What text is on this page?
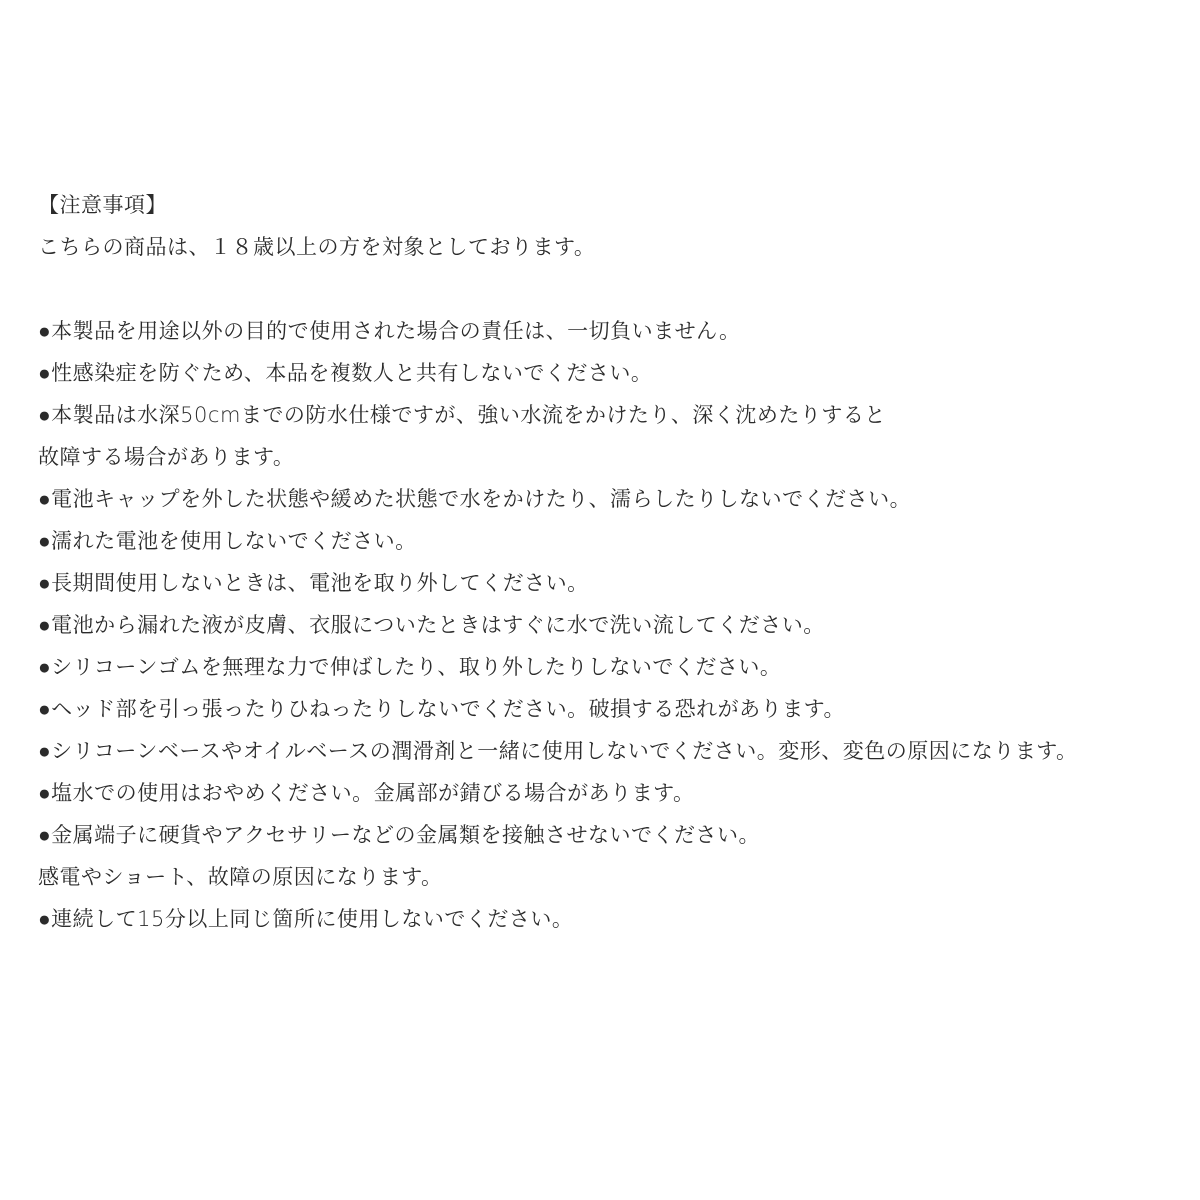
【注意事項】
こちらの商品は、１８歳以上の方を対象としております。
●本製品を用途以外の目的で使用された場合の責任は、一切負いません。
●性感染症を防ぐため、本品を複数人と共有しないでください。
●本製品は水深50cmまでの防水仕様ですが、強い水流をかけたり、深く沈めたりすると
故障する場合があります。
●電池キャップを外した状態や緩めた状態で水をかけたり、濡らしたりしないでください。
●濡れた電池を使用しないでください。
●長期間使用しないときは、電池を取り外してください。
●電池から漏れた液が皮膚、衣服についたときはすぐに水で洗い流してください。
●シリコーンゴムを無理な力で伸ばしたり、取り外したりしないでください。
●ヘッド部を引っ張ったりひねったりしないでください。破損する恐れがあります。
●シリコーンベースやオイルベースの潤滑剤と一緒に使用しないでください。変形、変色の原因になります。
●塩水での使用はおやめください。金属部が錆びる場合があります。
●金属端子に硬貨やアクセサリーなどの金属類を接触させないでください。
感電やショート、故障の原因になります。
●連続して15分以上同じ箇所に使用しないでください。
